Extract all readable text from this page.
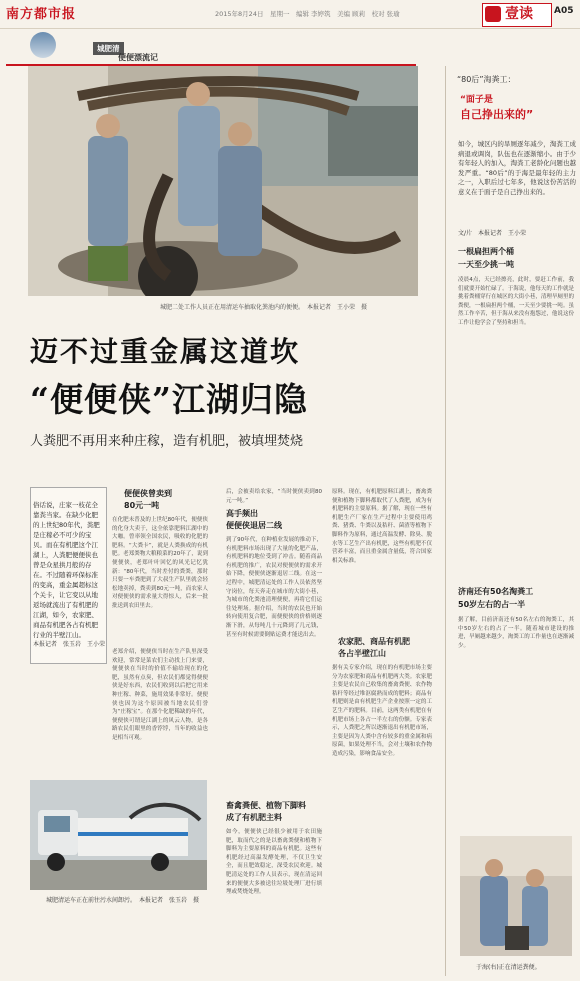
南方都市报	2015年8月24日　星期一　编辑 李婷筑　美编 顾莉　校对 张瑜	壹读 A05
城肥清
便便漂流记
城肥二处工作人员正在用清运车抽取化粪池内的便便。　本报记者　王小荣　摄
迈不过重金属这道坎
“便便侠”江湖归隐
人粪肥不再用来种庄稼，造有机肥，被填埋焚烧
俗话说，庄家一枝花全靠粪当家。在缺少化肥的上世纪80年代，粪肥是庄稼必不可少的宝贝。而在有机肥这个江湖上，人粪肥便便侠也曾是众星拱月般的存在。不过随着环保标准的变高，重金属超标这个关卡，让它变以从地返场就流出了有机肥的江湖，如今，农家肥、商品有机肥各占有机肥行业的半壁江山。
本报记者　张玉岩　王小荣
便便侠曾卖到
80元一吨
在化肥未普及的上世纪80年代，便便侠的化身大卖于，这全依靠肥料江湖中的大咖。曾率领全国农民，吸收的化肥的肥料。“大粪卡”，就是人粪换成的有机肥。老郑粪物大粮粮菜的20年了，说到便便侠，老郑叶叶回忆的风光记忆犹新：“80年代，当时差付的粪粪，那时只要一车粪肥到了大叔生产队里就会轻松地卖掉，粪卖到80元一吨，而农家人对便便侠的需求量大得惊人，后来一批批送到农田里去。
老郑介绍，便便侠当时在生产队里深受欢迎，常常是菜农们主动找上门来要，便便侠在当时的价值不输给现在的化肥，虽然有点臭，但农民们都觉得便便侠是好东西，农民们收到以后把它用来种庄稼、种菜，施用效果非常好。便便侠也因为这个原因被当地农民们誉为“庄稼宝”。在那个化肥稀缺的年代，便便侠可谓是江湖上的风云人物，是各路农民们眼里的香饽饽，当年的收益也是相当可观。
城肥清运车正在前往污水间卸污。　本报记者　张玉岩　摄
后，会被卖给农家，“当时便侠卖到80元一吨。”
高手频出
便便侠退居二线
到了90年代，在种植业发展的推动下，有机肥料市场出现了大量的化肥产品，有机肥料的地位受到了冲击。随着商品有机肥的推广，农民对便便侠的需求开始下降，便便侠逐渐退居二线。在这一过程中，城肥清运处的工作人员依然坚守岗位，每天奔走在城市的大街小巷，为城市的化粪池清理便便，再将它们运往处理场。据介绍，当时的农民也开始转向使用复合肥，而便便侠的价格则逐渐下滑，从每吨几十元降到了几元钱，甚至有时候需要倒贴运费才能送出去。
畜禽粪便、植物下脚料
成了有机肥主料
如今，便便侠已经很少被用于农田施肥，取而代之的是以畜禽粪便和植物下脚料为主要原料的商品有机肥。这些有机肥经过高温发酵处理，不仅卫生安全，而且肥效稳定，深受农民欢迎。城肥清运处的工作人员表示，现在清运回来的便便大多被送往垃圾处理厂进行填埋或焚烧处理。
原料。现在，有机肥原料江湖上，畜禽粪便和植物下脚料都取代了人粪肥，成为有机肥料的主要原料。据了解，现在一些有机肥生产厂家在生产过程中主要使用鸡粪、猪粪、牛粪以及秸秆、菌渣等植物下脚料作为原料，通过高温发酵、除臭、脱水等工艺生产出有机肥，这些有机肥不仅营养丰富，而且重金属含量低，符合国家相关标准。
农家肥、商品有机肥
各占半壁江山
据有关专家介绍，现在的有机肥市场主要分为农家肥和商品有机肥两大类。农家肥主要是农民自己收集的畜禽粪便、农作物秸秆等经过堆沤腐熟而成的肥料；商品有机肥则是由有机肥生产企业按照一定的工艺生产的肥料。目前，这两类有机肥在有机肥市场上各占一半左右的份额。专家表示，人粪肥之所以逐渐退出有机肥市场，主要是因为人粪中含有较多的重金属和病原菌，如果处理不当，会对土壤和农作物造成污染，影响食品安全。
“80后”淘粪工：
“面子是
自己挣出来的”
如今，城区内的旱厕逐年减少，淘粪工成病退或调岗，队伍也在逐渐缩小。由于少有年轻人的加入，淘粪工老龄化问题也越发严重。“80后”的于海是最年轻的主力之一，入职后过七年多，他说这份苦活的意义在于面子是自己挣出来的。
文/片　本报记者　王小荣
一根扁担两个桶
一天至少挑一吨
凌晨4点，天已经擦亮，此时，要赶工作前，我们就要开始忙碌了。于海说，他每天的工作就是挑着粪桶穿行在城区的大街小巷，清理旱厕里的粪便，一根扁担两个桶，一天至少要挑一吨。虽然工作辛苦，但于海从来没有抱怨过，他说这份工作让他学会了坚持和担当。
济南还有50名淘粪工
50岁左右的占一半
据了解，目前济南还有50名左右的淘粪工，其中50岁左右的占了一半。随着城市建设的推进，旱厕越来越少，淘粪工的工作量也在逐渐减少。
于海(右)正在清运粪便。
